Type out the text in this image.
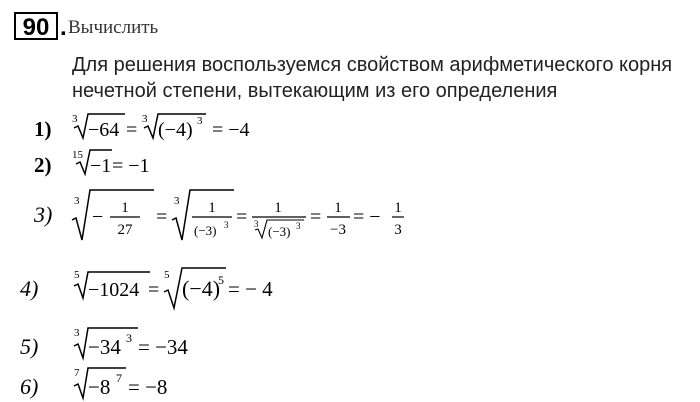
90 . Вычислить
Для решения воспользуемся свойством арифметического корня
нечетной степени, вытекающим из его определения
1) 3 −64 = 3 (−4) 3 = −4
2) 15 −1 = −1
3)
3
− 1
27
=
3 1
(−3) 3 = 1
3 (−3) 3 = 1
−3
= − 1
3
4)
5
−1024 =
5
(−4)
5 = − 4
5)
3
−34 3 = −34
6)
7
−8 7 = −8
